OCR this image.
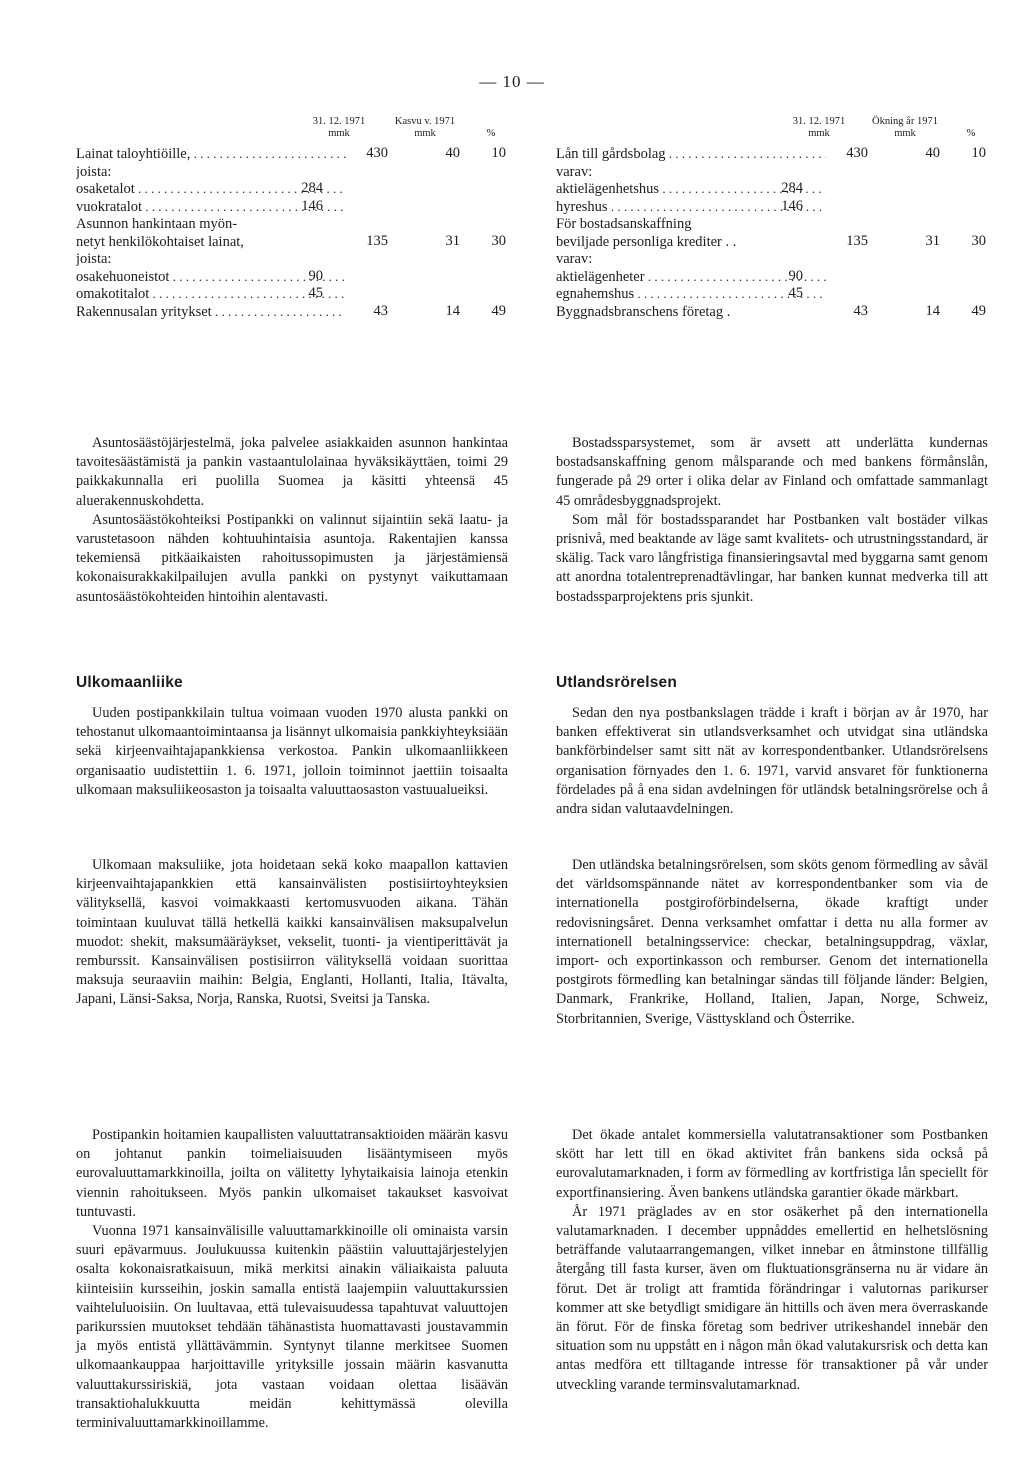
— 10 —
31. 12. 1971
mmk
Kasvu v. 1971
mmk
	%
Lainat taloyhtiöille, . . .	430	40	10
joista:
osaketalot . . .	284
vuokratalot . . .	146
Asunnon hankintaan myön-
netyt henkilökohtaiset lainat,	135	31	30
joista:
osakehuoneistot . . .	90
omakotitalot . . .	45
Rakennusalan yritykset . . .	43	14	49

Asuntosäästöjärjestelmä, joka palvelee asiakkaiden asunnon hankintaa tavoitesäästämistä ja pankin vastaantulolainaa hyväksikäyttäen, toimi 29 paikkakunnalla eri puolilla Suomea ja käsitti yhteensä 45 aluerakennuskohdetta.

Asuntosäästökohteiksi Postipankki on valinnut sijaintiin sekä laatu- ja varustetasoon nähden kohtuuhintaisia asuntoja. Rakentajien kanssa tekemiensä pitkäaikaisten rahoitussopimusten ja järjestämiensä kokonaisurakkakilpailujen avulla pankki on pystynyt vaikuttamaan asuntosäästökohteiden hintoihin alentavasti.

Ulkomaanliike

Uuden postipankkilain tultua voimaan vuoden 1970 alusta pankki on tehostanut ulkomaantoimintaansa ja lisännyt ulkomaisia pankkiyhteyksiään sekä kirjeenvaihtajapankkiensa verkostoa. Pankin ulkomaanliikkeen organisaatio uudistettiin 1. 6. 1971, jolloin toiminnot jaettiin toisaalta ulkomaan maksuliikeosaston ja toisaalta valuuttaosaston vastuualueiksi.

Ulkomaan maksuliike, jota hoidetaan sekä koko maapallon kattavien kirjeenvaihtajapankkien että kansainvälisten postisiirtoyhteyksien välityksellä, kasvoi voimakkaasti kertomusvuoden aikana. Tähän toimintaan kuuluvat tällä hetkellä kaikki kansainvälisen maksupalvelun muodot: shekit, maksumääräykset, vekselit, tuonti- ja vientiperittävät ja remburssit. Kansainvälisen postisiirron välityksellä voidaan suorittaa maksuja seuraaviin maihin: Belgia, Englanti, Hollanti, Italia, Itävalta, Japani, Länsi-Saksa, Norja, Ranska, Ruotsi, Sveitsi ja Tanska.

Postipankin hoitamien kaupallisten valuuttatransaktioiden määrän kasvu on johtanut pankin toimeliaisuuden lisääntymiseen myös eurovaluuttamarkkinoilla, joilta on välitetty lyhytaikaisia lainoja etenkin viennin rahoitukseen. Myös pankin ulkomaiset takaukset kasvoivat tuntuvasti.

Vuonna 1971 kansainvälisille valuuttamarkkinoille oli ominaista varsin suuri epävarmuus. Joulukuussa kuitenkin päästiin valuuttajärjestelyjen osalta kokonaisratkaisuun, mikä merkitsi ainakin väliaikaista paluuta kiinteisiin kursseihin, joskin samalla entistä laajempiin valuuttakurssien vaihteluluoisiin. On luultavaa, että tulevaisuudessa tapahtuvat valuuttojen parikurssien muutokset tehdään tähänastista huomattavasti joustavammin ja myös entistä yllättävämmin. Syntynyt tilanne merkitsee Suomen ulkomaankauppaa harjoittaville yrityksille jossain määrin kasvanutta valuuttakurssiriskiä, jota vastaan voidaan olettaa lisäävän transaktiohalukkuutta meidän kehittymässä olevilla terminivaluuttamarkkinoillamme.

31. 12. 1971
mmk
Ökning år 1971
mmk
	%
Lån till gårdsbolag . . .	430	40	10
varav:
aktielägenhetshus . . .	284
hyreshus . . .	146
För bostadsanskaffning
beviljade personliga krediter . .	135	31	30
varav:
aktielägenheter . . .	90
egnahemshus . . .	45
Byggnadsbranschens företag .	43	14	49

Bostadssparsystemet, som är avsett att underlätta kundernas bostadsanskaffning genom målsparande och med bankens förmånslån, fungerade på 29 orter i olika delar av Finland och omfattade sammanlagt 45 områdesbyggnadsprojekt.

Som mål för bostadssparandet har Postbanken valt bostäder vilkas prisnivå, med beaktande av läge samt kvalitets- och utrustningsstandard, är skälig. Tack varo långfristiga finansieringsavtal med byggarna samt genom att anordna totalentreprenadtävlingar, har banken kunnat medverka till att bostadssparprojektens pris sjunkit.

Utlandsrörelsen

Sedan den nya postbankslagen trädde i kraft i början av år 1970, har banken effektiverat sin utlandsverksamhet och utvidgat sina utländska bankförbindelser samt sitt nät av korrespondentbanker. Utlandsrörelsens organisation förnyades den 1. 6. 1971, varvid ansvaret för funktionerna fördelades på å ena sidan avdelningen för utländsk betalningsrörelse och å andra sidan valutaavdelningen.

Den utländska betalningsrörelsen, som sköts genom förmedling av såväl det världsomspännande nätet av korrespondentbanker som via de internationella postgiroförbindelserna, ökade kraftigt under redovisningsåret. Denna verksamhet omfattar i detta nu alla former av internationell betalningsservice: checkar, betalningsuppdrag, växlar, import- och exportinkasson och remburser. Genom det internationella postgirots förmedling kan betalningar sändas till följande länder: Belgien, Danmark, Frankrike, Holland, Italien, Japan, Norge, Schweiz, Storbritannien, Sverige, Västtyskland och Österrike.

Det ökade antalet kommersiella valutatransaktioner som Postbanken skött har lett till en ökad aktivitet från bankens sida också på eurovalutamarknaden, i form av förmedling av kortfristiga lån speciellt för exportfinansiering. Även bankens utländska garantier ökade märkbart.

År 1971 präglades av en stor osäkerhet på den internationella valutamarknaden. I december uppnåddes emellertid en helhetslösning beträffande valutaarrangemangen, vilket innebar en åtminstone tillfällig återgång till fasta kurser, även om fluktuationsgränserna nu är vidare än förut. Det är troligt att framtida förändringar i valutornas parikurser kommer att ske betydligt smidigare än hittills och även mera överraskande än förut. För de finska företag som bedriver utrikeshandel innebär den situation som nu uppstått en i någon mån ökad valutakursrisk och detta kan antas medföra ett tilltagande intresse för transaktioner på vår under utveckling varande terminsvalutamarknad.
